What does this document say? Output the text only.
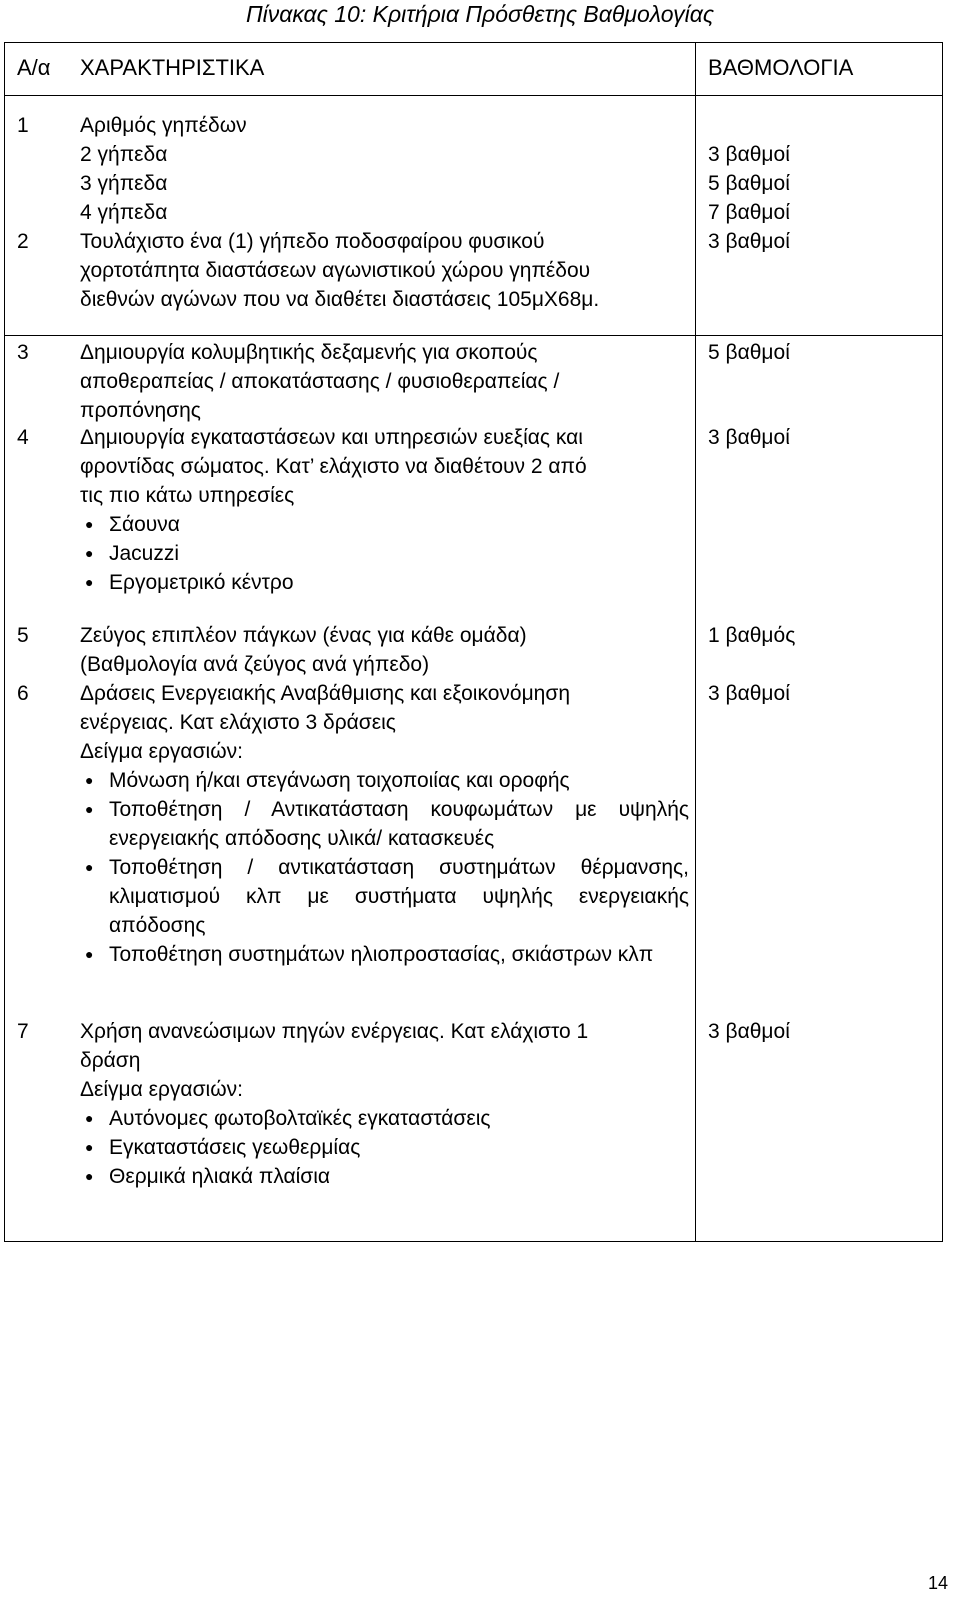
Πίνακας 10: Κριτήρια Πρόσθετης Βαθμολογίας
Α/α ΧΑΡΑΚΤΗΡΙΣΤΙΚΑ	ΒΑΘΜΟΛΟΓΙΑ
1 Αριθμός γηπέδων
2 γήπεδα
3 γήπεδα
4 γήπεδα
3 βαθμοί
5 βαθμοί
7 βαθμοί
2 Τουλάχιστο ένα (1) γήπεδο ποδοσφαίρου φυσικού
χορτοτάπητα διαστάσεων αγωνιστικού χώρου γηπέδου
διεθνών αγώνων που να διαθέτει διαστάσεις 105μΧ68μ.
3 βαθμοί
3 Δημιουργία κολυμβητικής δεξαμενής για σκοπούς
αποθεραπείας / αποκατάστασης / φυσιοθεραπείας /
προπόνησης
5 βαθμοί
4 Δημιουργία εγκαταστάσεων και υπηρεσιών ευεξίας και
φροντίδας σώματος. Κατ’ ελάχιστο να διαθέτουν 2 από
τις πιο κάτω υπηρεσίες
● Σάουνα
● Jacuzzi
● Εργομετρικό κέντρο
3 βαθμοί
5 Ζεύγος επιπλέον πάγκων (ένας για κάθε ομάδα)
(Βαθμολογία ανά ζεύγος ανά γήπεδο)
1 βαθμός
6 Δράσεις Ενεργειακής Αναβάθμισης και εξοικονόμηση
ενέργειας. Κατ ελάχιστο 3 δράσεις
Δείγμα εργασιών:
● Μόνωση ή/και στεγάνωση τοιχοποιίας και οροφής
● Τοποθέτηση / Αντικατάσταση κουφωμάτων με υψηλής ενεργειακής απόδοσης υλικά/ κατασκευές
● Τοποθέτηση / αντικατάσταση συστημάτων θέρμανσης, κλιματισμού κλπ με συστήματα υψηλής ενεργειακής απόδοσης
● Τοποθέτηση συστημάτων ηλιοπροστασίας, σκιάστρων κλπ
3 βαθμοί
7 Χρήση ανανεώσιμων πηγών ενέργειας. Κατ ελάχιστο 1
δράση
Δείγμα εργασιών:
● Αυτόνομες φωτοβολταϊκές εγκαταστάσεις
● Εγκαταστάσεις γεωθερμίας
● Θερμικά ηλιακά πλαίσια
3 βαθμοί
14
